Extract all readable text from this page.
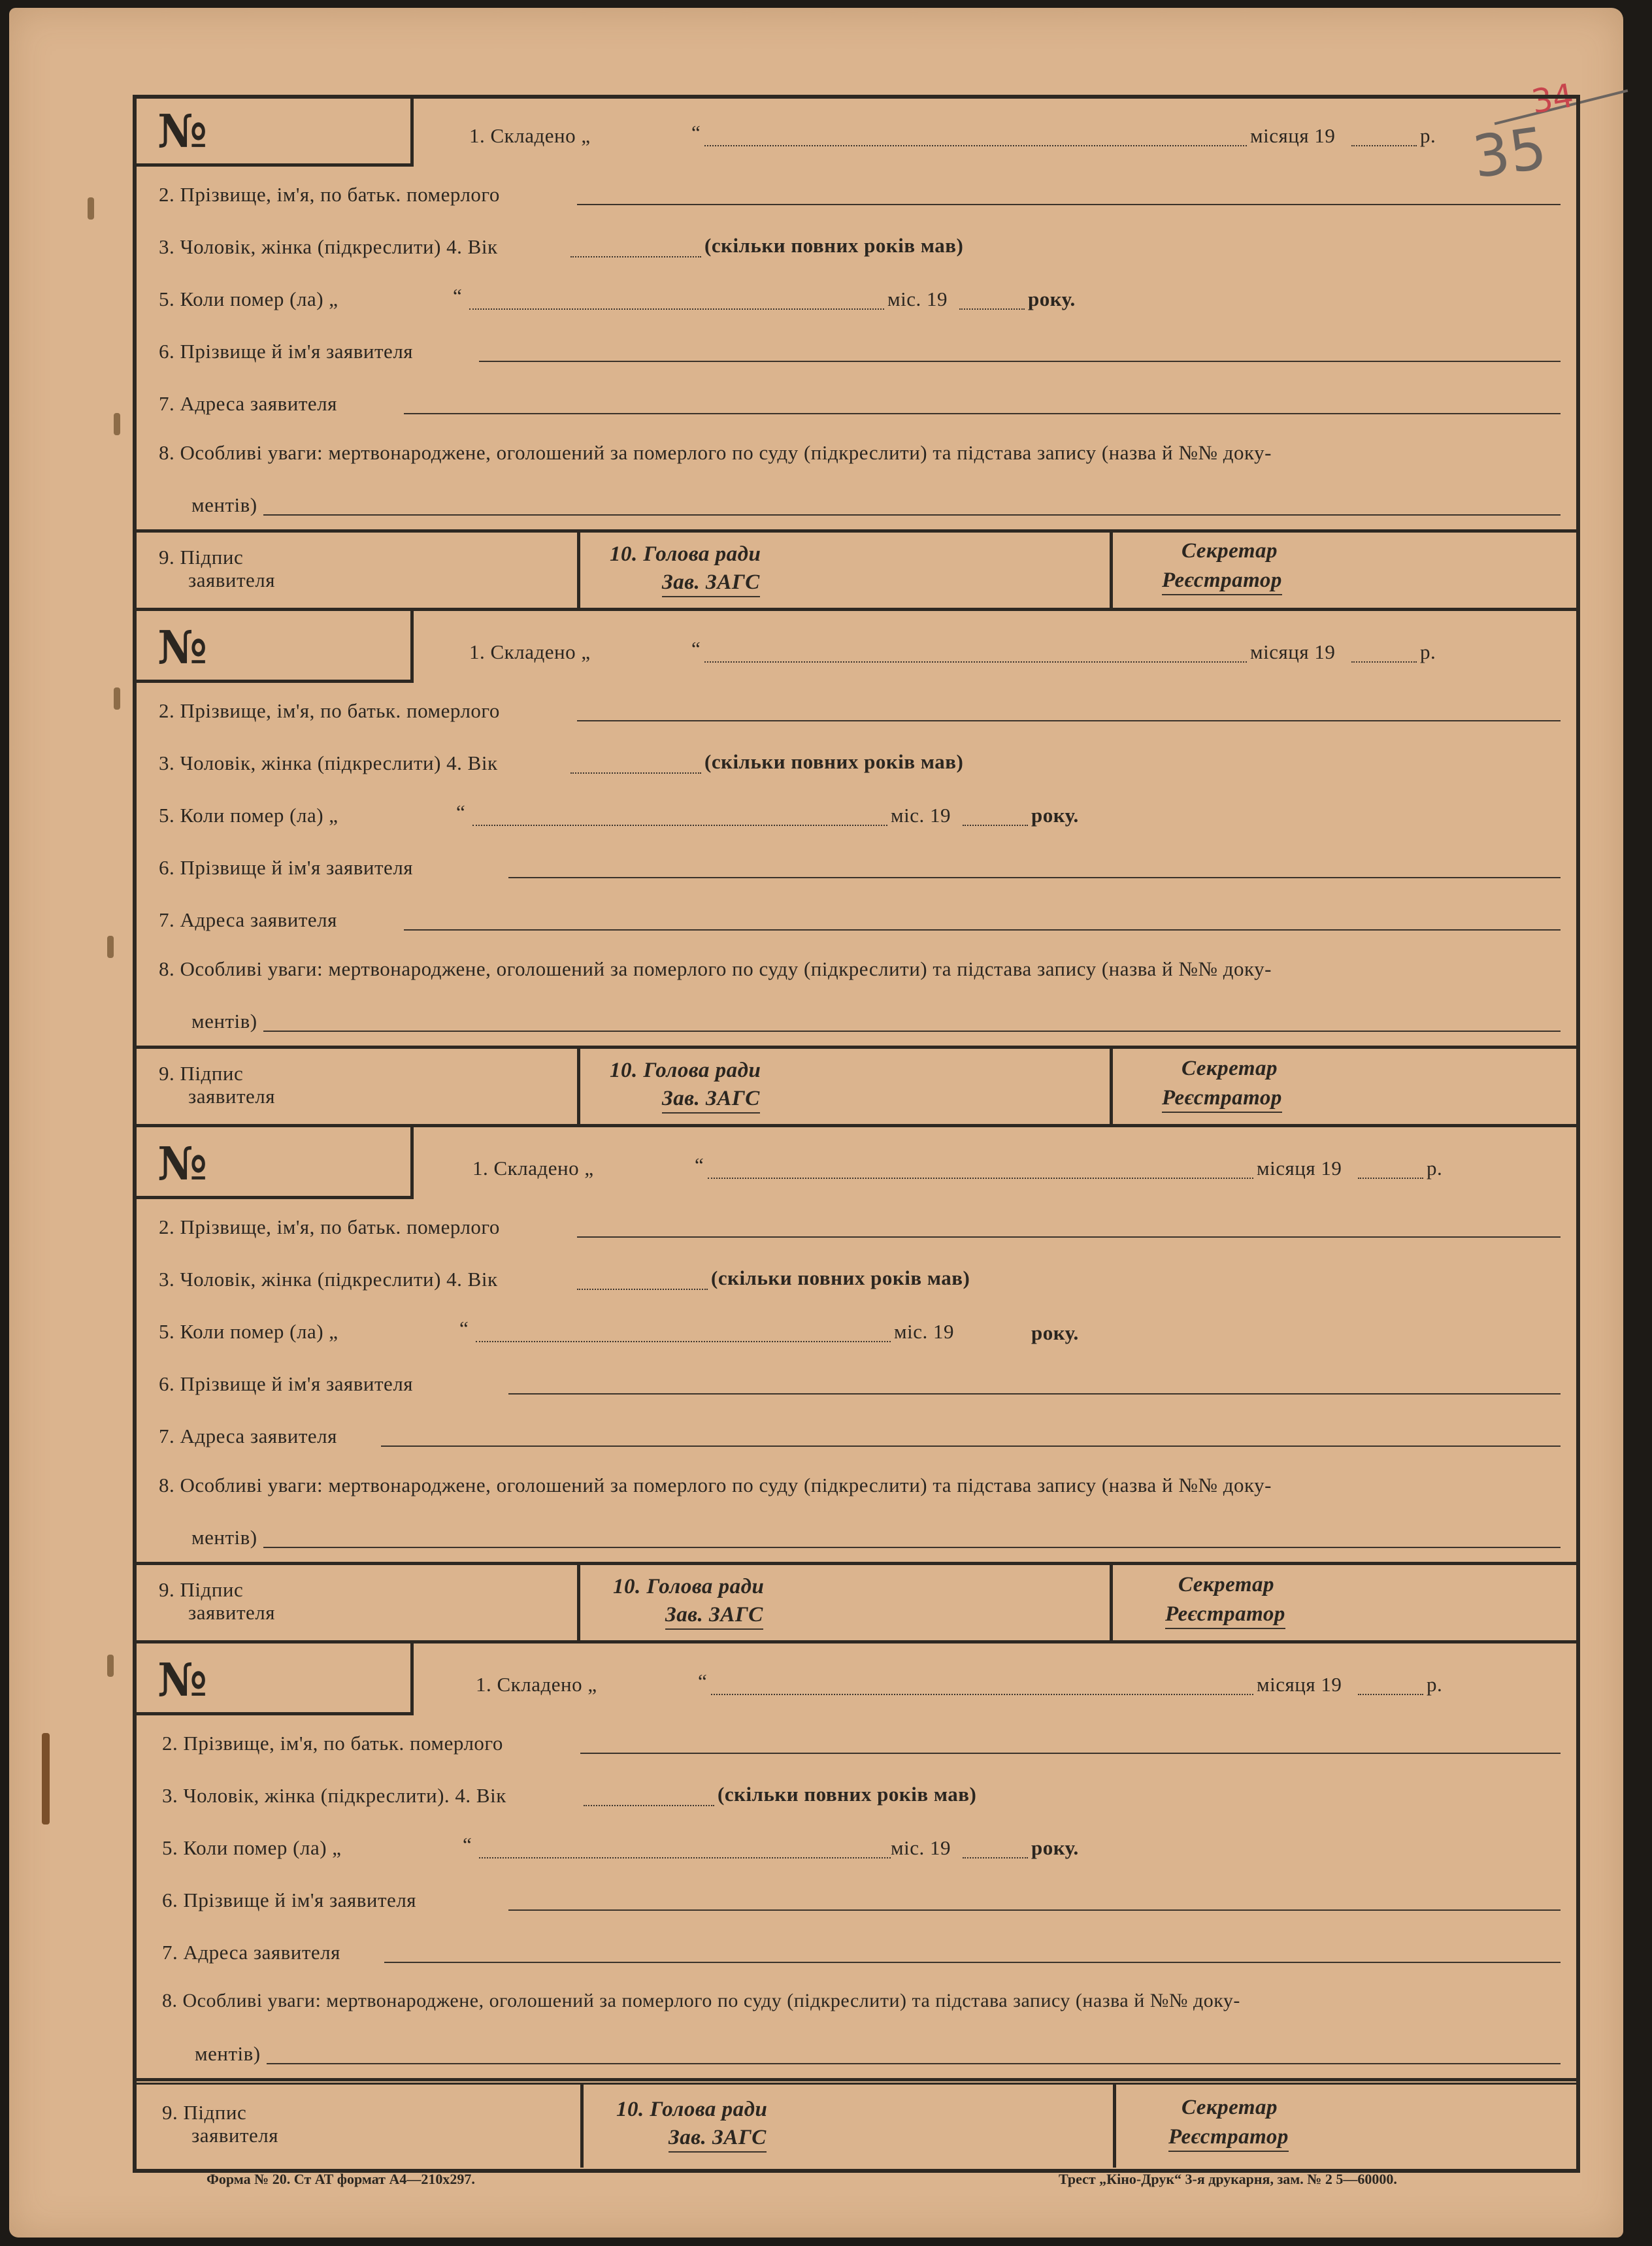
34
35
№	1. Складено „	“	місяця 19	р.
2. Прізвище, ім'я, по батьк. померлого
3. Чоловік, жінка (підкреслити) 4. Вік	(скільки повних років мав)
5. Коли помер (ла) „	“	міс. 19	року.
6. Прізвище й ім'я заявителя
7. Адреса заявителя
8. Особливі уваги: мертвонароджене, оголошений за померлого по суду (підкреслити) та підстава запису (назва й №№ доку-
ментів)
9. Підпис
заявителя
10. Голова ради
Зав. ЗАГС
Секретар
Реєстратор
№	1. Складено „	“	місяця 19	р.
2. Прізвище, ім'я, по батьк. померлого
3. Чоловік, жінка (підкреслити) 4. Вік	(скільки повних років мав)
5. Коли помер (ла) „	“	міс. 19	року.
6. Прізвище й ім'я заявителя
7. Адреса заявителя
8. Особливі уваги: мертвонароджене, оголошений за померлого по суду (підкреслити) та підстава запису (назва й №№ доку-
ментів)
9. Підпис
заявителя
10. Голова ради
Зав. ЗАГС
Секретар
Реєстратор
№	1. Складено „	“	місяця 19	р.
2. Прізвище, ім'я, по батьк. померлого
3. Чоловік, жінка (підкреслити) 4. Вік	(скільки повних років мав)
5. Коли помер (ла) „	“	міс. 19	року.
6. Прізвище й ім'я заявителя
7. Адреса заявителя
8. Особливі уваги: мертвонароджене, оголошений за померлого по суду (підкреслити) та підстава запису (назва й №№ доку-
ментів)
9. Підпис
заявителя
10. Голова ради
Зав. ЗАГС
Секретар
Реєстратор
№	1. Складено „	“	місяця 19	р.
2. Прізвище, ім'я, по батьк. померлого
3. Чоловік, жінка (підкреслити). 4. Вік	(скільки повних років мав)
5. Коли помер (ла) „	“	міс. 19	року.
6. Прізвище й ім'я заявителя
7. Адреса заявителя
8. Особливі уваги: мертвонароджене, оголошений за померлого по суду (підкреслити) та підстава запису (назва й №№ доку-
ментів)
9. Підпис
заявителя
10. Голова ради
Зав. ЗАГС
Секретар
Реєстратор
Форма № 20. Ст АТ формат А4—210х297.	Трест „Кіно-Друк“ 3-я друкарня, зам. № 2 5—60000.
